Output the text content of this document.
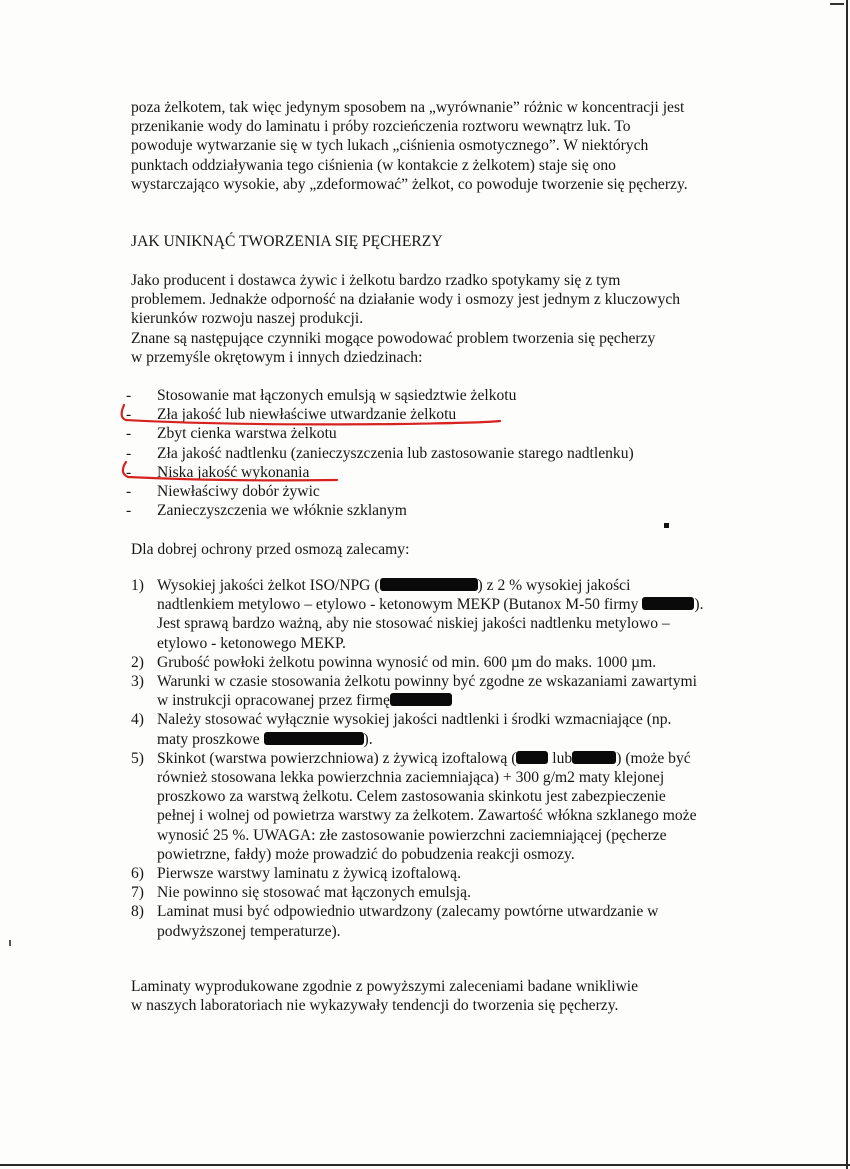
poza żelkotem, tak więc jedynym sposobem na „wyrównanie” różnic w koncentracji jest
przenikanie wody do laminatu i próby rozcieńczenia roztworu wewnątrz luk. To
powoduje wytwarzanie się w tych lukach „ciśnienia osmotycznego”. W niektórych
punktach oddziaływania tego ciśnienia (w kontakcie z żelkotem) staje się ono
wystarczająco wysokie, aby „zdeformować” żelkot, co powoduje tworzenie się pęcherzy.
JAK UNIKNĄĆ TWORZENIA SIĘ PĘCHERZY
Jako producent i dostawca żywic i żelkotu bardzo rzadko spotykamy się z tym
problemem. Jednakże odporność na działanie wody i osmozy jest jednym z kluczowych
kierunków rozwoju naszej produkcji.
Znane są następujące czynniki mogące powodować problem tworzenia się pęcherzy
w przemyśle okrętowym i innych dziedzinach:
- Stosowanie mat łączonych emulsją w sąsiedztwie żelkotu
- Zła jakość lub niewłaściwe utwardzanie żelkotu
- Zbyt cienka warstwa żelkotu
- Zła jakość nadtlenku (zanieczyszczenia lub zastosowanie starego nadtlenku)
- Niska jakość wykonania
- Niewłaściwy dobór żywic
- Zanieczyszczenia we włóknie szklanym
Dla dobrej ochrony przed osmozą zalecamy:
1) Wysokiej jakości żelkot ISO/NPG (	) z 2 % wysokiej jakości
nadtlenkiem metylowo – etylowo - ketonowym MEKP (Butanox M-50 firmy	).
Jest sprawą bardzo ważną, aby nie stosować niskiej jakości nadtlenku metylowo –
etylowo - ketonowego MEKP.
2) Grubość powłoki żelkotu powinna wynosić od min. 600 µm do maks. 1000 µm.
3) Warunki w czasie stosowania żelkotu powinny być zgodne ze wskazaniami zawartymi
w instrukcji opracowanej przez firmę
4) Należy stosować wyłącznie wysokiej jakości nadtlenki i środki wzmacniające (np.
maty proszkowe	).
5) Skinkot (warstwa powierzchniowa) z żywicą izoftalową ( lub	) (może być
również stosowana lekka powierzchnia zaciemniająca) + 300 g/m2 maty klejonej
proszkowo za warstwą żelkotu. Celem zastosowania skinkotu jest zabezpieczenie
pełnej i wolnej od powietrza warstwy za żelkotem. Zawartość włókna szklanego może
wynosić 25 %. UWAGA: złe zastosowanie powierzchni zaciemniającej (pęcherze
powietrzne, fałdy) może prowadzić do pobudzenia reakcji osmozy.
6) Pierwsze warstwy laminatu z żywicą izoftalową.
7) Nie powinno się stosować mat łączonych emulsją.
8) Laminat musi być odpowiednio utwardzony (zalecamy powtórne utwardzanie w
podwyższonej temperaturze).
Laminaty wyprodukowane zgodnie z powyższymi zaleceniami badane wnikliwie
w naszych laboratoriach nie wykazywały tendencji do tworzenia się pęcherzy.
